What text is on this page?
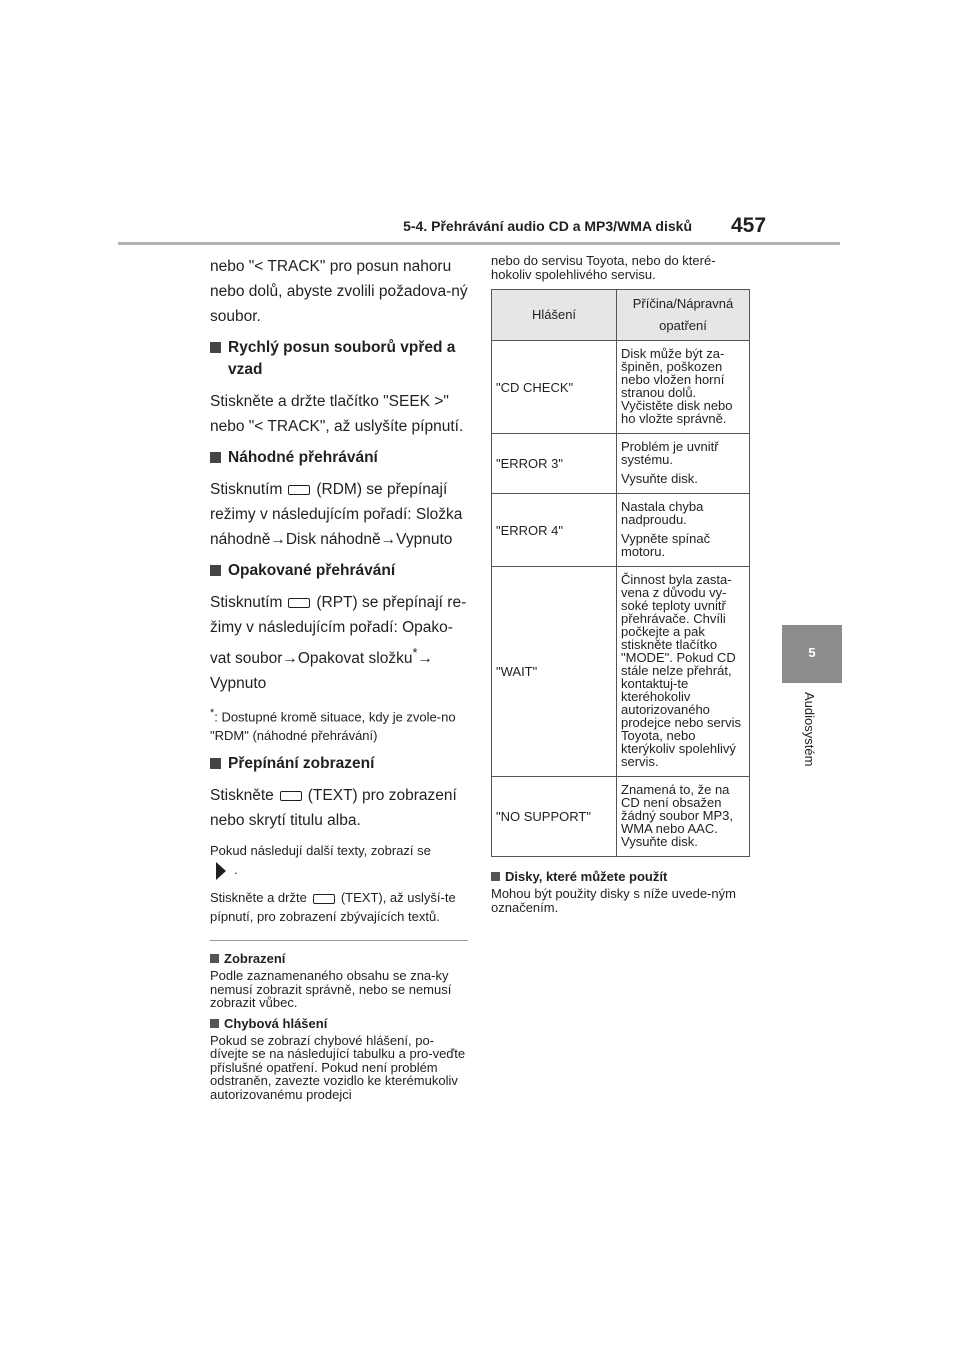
5-4. Přehrávání audio CD a MP3/WMA disků 457
5
Audiosystém

nebo "< TRACK" pro posun nahoru nebo dolů, abyste zvolili požadova-ný soubor.

Rychlý posun souborů vpřed a vzad

Stiskněte a držte tlačítko "SEEK >" nebo "< TRACK", až uslyšíte pípnutí.

Náhodné přehrávání

Stisknutím (RDM) se přepínají režimy v následujícím pořadí: Složka náhodně→Disk náhodně→Vypnuto

Opakované přehrávání

Stisknutím (RPT) se přepínají re-žimy v následujícím pořadí: Opako-vat soubor→Opakovat složku*→ Vypnuto

*: Dostupné kromě situace, kdy je zvole-no "RDM" (náhodné přehrávání)

Přepínání zobrazení

Stiskněte (TEXT) pro zobrazení nebo skrytí titulu alba.

Pokud následují další texty, zobrazí se
.

Stiskněte a držte	(TEXT), až uslyší-te pípnutí, pro zobrazení zbývajících textů.

Zobrazení

Podle zaznamenaného obsahu se zna-ky nemusí zobrazit správně, nebo se nemusí zobrazit vůbec.

Chybová hlášení

Pokud se zobrazí chybové hlášení, po-dívejte se na následující tabulku a pro-veďte příslušné opatření. Pokud není problém odstraněn, zavezte vozidlo ke kterémukoliv autorizovanému prodejci

nebo do servisu Toyota, nebo do které-hokoliv spolehlivého servisu.

Hlášení	Příčina/Nápravná opatření
"CD CHECK"	Disk může být za-špiněn, poškozen nebo vložen horní stranou dolů. Vyčistěte disk nebo ho vložte správně.

"ERROR 3"	Problém je uvnitř systému.

Vysuňte disk.

"ERROR 4"	Nastala chyba nadproudu.

Vypněte spínač motoru.

"WAIT"	Činnost byla zasta-vena z důvodu vy-soké teploty uvnitř přehrávače. Chvíli počkejte a pak stiskněte tlačítko "MODE". Pokud CD stále nelze přehrát, kontaktuj-te kteréhokoliv autorizovaného prodejce nebo servis Toyota, nebo kterýkoliv spolehlivý servis.

"NO SUPPORT"	Znamená to, že na CD není obsažen žádný soubor MP3, WMA nebo AAC. Vysuňte disk.

Disky, které můžete použít

Mohou být použity disky s níže uvede-ným označením.
